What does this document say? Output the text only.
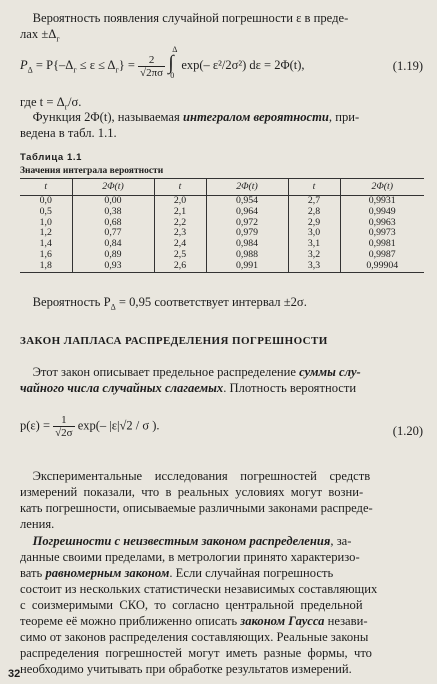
Вероятность появления случайной погрешности ε в преде-
лах $\pm\Delta_г$
$P_\Delta = P\{-\Delta_г \le \varepsilon \le \Delta_г\} = \frac{2}{√2\pi\sigma}$ ∫
Δ
0
exp(– ε²/2σ²) dε = 2Φ(t),	(1.19)
где $t = \Delta_г/\sigma$.
Функция 2Φ(t), называемая интегралом вероятности, при-
ведена в табл. 1.1.
Таблица 1.1
Значения интеграла вероятности
t	2Φ(t)	t	2Φ(t)	t	2Φ(t)
0,0	0,00	2,0	0,954	2,7	0,9931
0,5	0,38	2,1	0,964	2,8	0,9949
1,0	0,68	2,2	0,972	2,9	0,9963
1,2	0,77	2,3	0,979	3,0	0,9973
1,4	0,84	2,4	0,984	3,1	0,9981
1,6	0,89	2,5	0,988	3,2	0,9987
1,8	0,93	2,6	0,991	3,3	0,99904
Вероятность $P_\Delta = 0,95$ соответствует интервал ±2σ.
ЗАКОН ЛАПЛАСА РАСПРЕДЕЛЕНИЯ ПОГРЕШНОСТИ
Этот закон описывает предельное распределение суммы слу-
чайного числа случайных слагаемых. Плотность вероятности
$p(\varepsilon) = \frac{1}{√2\sigma} \exp(-$ |ε|√2 / σ ).	(1.20)
Экспериментальные    исследования    погрешностей    средств
измерений  показали,  что  в  реальных  условиях  могут  возни-
кать погрешности, описываемые различными законами распреде-
ления.
Погрешности с неизвестным законом распределения, за-
данные своими пределами, в метрологии принято характеризо-
вать равномерным законом. Если случайная погрешность
состоит из нескольких статистически независимых составляющих
с  соизмеримыми  СКО,  то  согласно  центральной  предельной
теореме её можно приближенно описать законом Гаусса незави-
симо от законов распределения составляющих. Реальные законы
распределения  погрешностей  могут  иметь  разные  формы,  что
необходимо учитывать при обработке результатов измерений.
32
